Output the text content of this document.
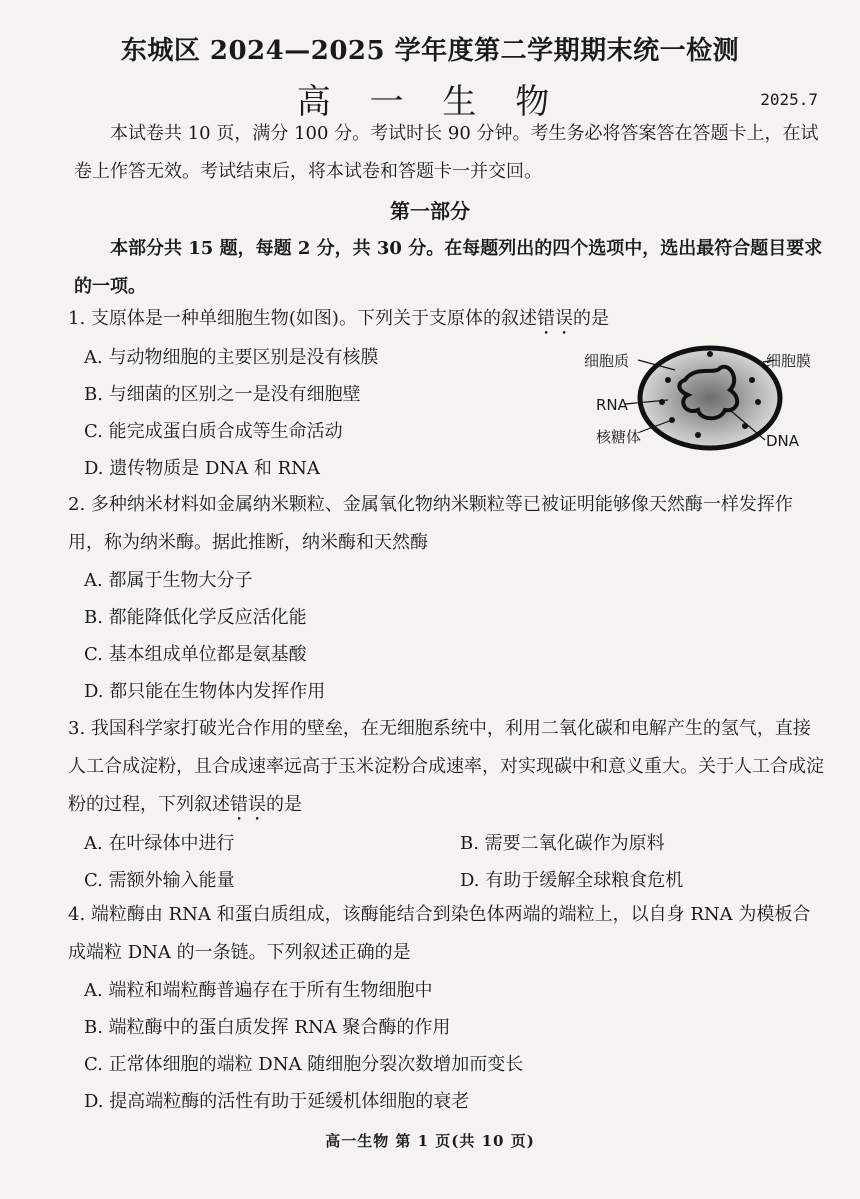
东城区 2024—2025 学年度第二学期期末统一检测
高 一 生 物	2025.7
本试卷共 10 页，满分 100 分。考试时长 90 分钟。考生务必将答案答在答题卡上，在试卷上作答无效。考试结束后，将本试卷和答题卡一并交回。
第一部分
本部分共 15 题，每题 2 分，共 30 分。在每题列出的四个选项中，选出最符合题目要求的一项。
1. 支原体是一种单细胞生物(如图)。下列关于支原体的叙述错误的是
A. 与动物细胞的主要区别是没有核膜
B. 与细菌的区别之一是没有细胞壁
C. 能完成蛋白质合成等生命活动
D. 遗传物质是 DNA 和 RNA
细胞质	细胞膜
RNA
核糖体	DNA
2. 多种纳米材料如金属纳米颗粒、金属氧化物纳米颗粒等已被证明能够像天然酶一样发挥作用，称为纳米酶。据此推断，纳米酶和天然酶
A. 都属于生物大分子
B. 都能降低化学反应活化能
C. 基本组成单位都是氨基酸
D. 都只能在生物体内发挥作用
3. 我国科学家打破光合作用的壁垒，在无细胞系统中，利用二氧化碳和电解产生的氢气，直接人工合成淀粉，且合成速率远高于玉米淀粉合成速率，对实现碳中和意义重大。关于人工合成淀粉的过程，下列叙述错误的是
A. 在叶绿体中进行	B. 需要二氧化碳作为原料
C. 需额外输入能量	D. 有助于缓解全球粮食危机
4. 端粒酶由 RNA 和蛋白质组成，该酶能结合到染色体两端的端粒上，以自身 RNA 为模板合成端粒 DNA 的一条链。下列叙述正确的是
A. 端粒和端粒酶普遍存在于所有生物细胞中
B. 端粒酶中的蛋白质发挥 RNA 聚合酶的作用
C. 正常体细胞的端粒 DNA 随细胞分裂次数增加而变长
D. 提高端粒酶的活性有助于延缓机体细胞的衰老
高一生物 第 1 页(共 10 页)
